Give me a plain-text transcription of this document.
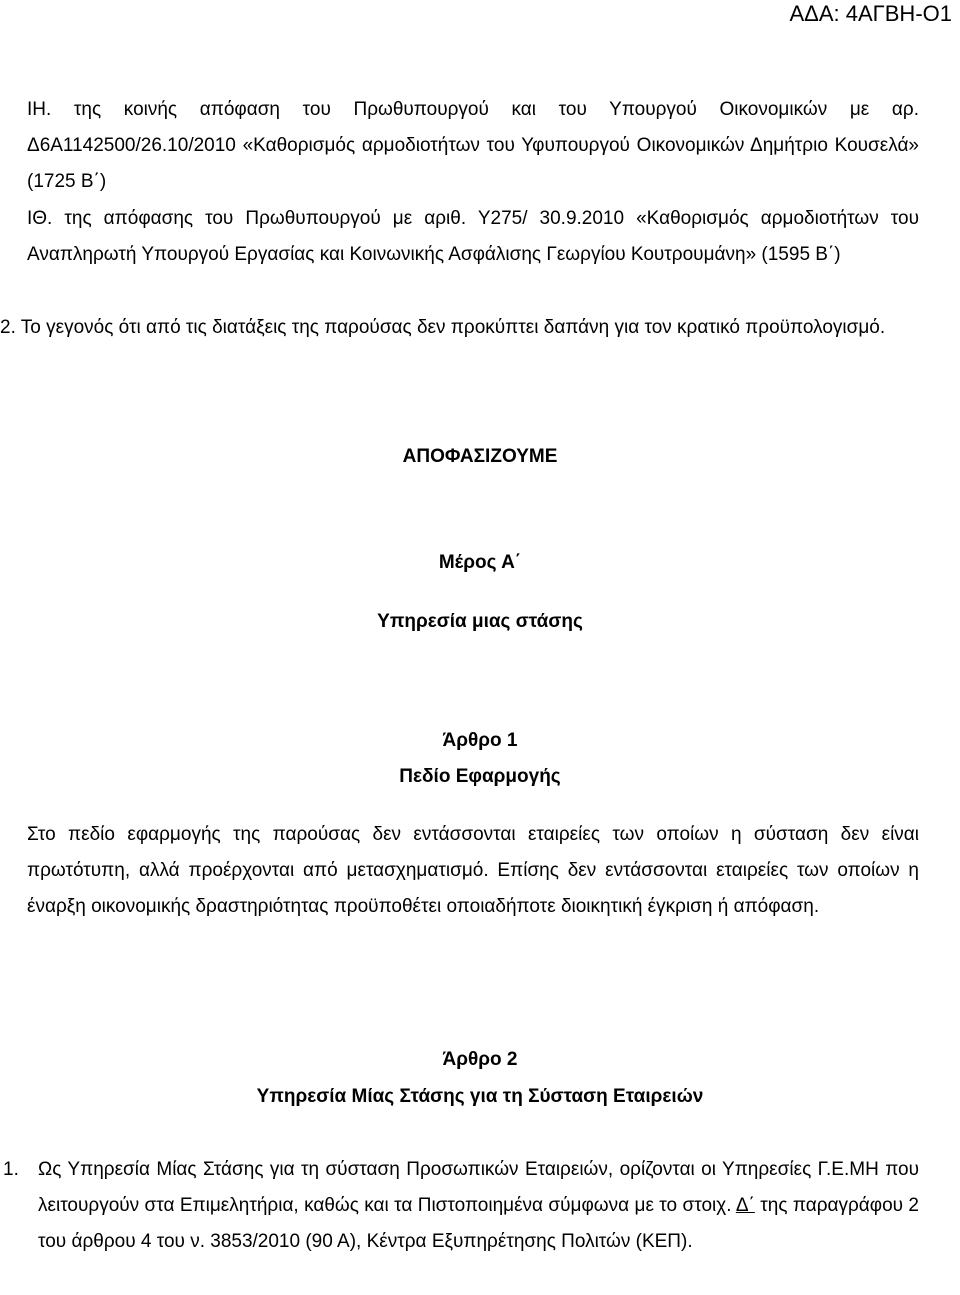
ΑΔΑ: 4ΑΓΒΗ-Ο1

ΙΗ. της κοινής απόφαση του Πρωθυπουργού και του Υπουργού Οικονομικών με αρ. Δ6Α1142500/26.10/2010 «Καθορισμός αρμοδιοτήτων του Υφυπουργού Οικονομικών Δημήτριο Κουσελά» (1725 Β΄)

ΙΘ. της απόφασης του Πρωθυπουργού με αριθ. Υ275/ 30.9.2010 «Καθορισμός αρμοδιοτήτων του Αναπληρωτή Υπουργού Εργασίας και Κοινωνικής Ασφάλισης Γεωργίου Κουτρουμάνη» (1595 Β΄)

2. Το γεγονός ότι από τις διατάξεις της παρούσας δεν προκύπτει δαπάνη για τον κρατικό προϋπολογισμό.

ΑΠΟΦΑΣΙΖΟΥΜΕ

Μέρος Α΄

Υπηρεσία μιας στάσης

Άρθρο 1

Πεδίο Εφαρμογής

Στο πεδίο εφαρμογής της παρούσας δεν εντάσσονται εταιρείες των οποίων η σύσταση δεν είναι πρωτότυπη, αλλά προέρχονται από μετασχηματισμό. Επίσης δεν εντάσσονται εταιρείες των οποίων η έναρξη οικονομικής δραστηριότητας προϋποθέτει οποιαδήποτε διοικητική έγκριση ή απόφαση.

Άρθρο 2

Υπηρεσία Μίας Στάσης για τη Σύσταση Εταιρειών

1. Ως Υπηρεσία Μίας Στάσης για τη σύσταση Προσωπικών Εταιρειών, ορίζονται οι Υπηρεσίες Γ.Ε.ΜΗ που λειτουργούν στα Επιμελητήρια, καθώς και τα Πιστοποιημένα σύμφωνα με το στοιχ. Δ΄ της παραγράφου 2 του άρθρου 4 του ν. 3853/2010 (90 Α), Κέντρα Εξυπηρέτησης Πολιτών (ΚΕΠ).
